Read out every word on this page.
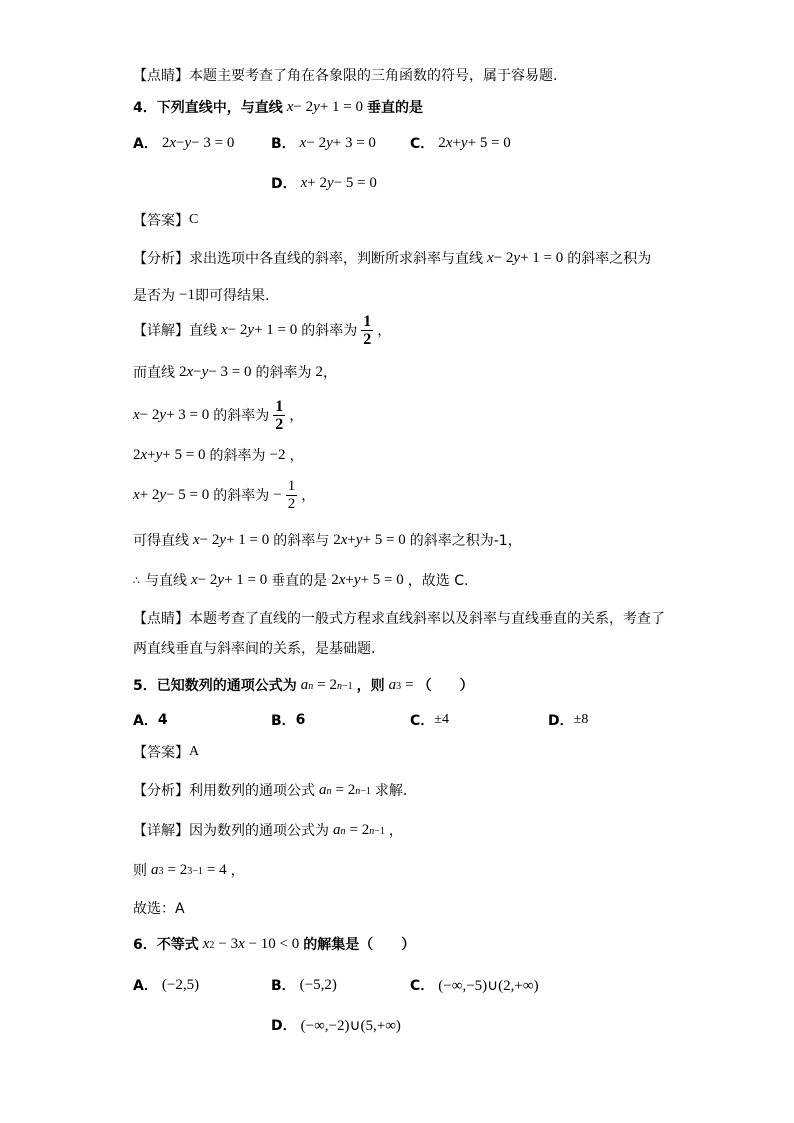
【点睛】 本题主要考查了角在各象限的三角函数的符号，属于容易题.
4． 下列直线中，与直线 x − 2 y + 1 = 0 垂直的是
A． 2 x − y − 3 = 0	B． x − 2 y + 3 = 0 C． 2 x + y + 5 = 0
D． x + 2 y − 5 = 0
【答案】 C
【分析】 求出选项中各直线的斜率，判断所求斜率与直线 x − 2 y + 1 = 0 的斜率之积为
是否为 −1 即可得结果.
【详解】 直线 x − 2 y + 1 = 0 的斜率为 $\frac{1}{2}$ ，
而直线 2 x − y − 3 = 0 的斜率为 2 ，
x − 2 y + 3 = 0 的斜率为 $\frac{1}{2}$ ，
2 x + y + 5 = 0 的斜率为 −2 ，
x + 2 y − 5 = 0 的斜率为 − $\frac{1}{2}$ ，
可得直线 x − 2 y + 1 = 0 的斜率与 2 x + y + 5 = 0 的斜率之积为-1，
∴ 与直线 x − 2 y + 1 = 0 垂直的是 2 x + y + 5 = 0 ，故选 C.
【点睛】 本题考查了直线的一般式方程求直线斜率以及斜率与直线垂直的关系，考查了
两直线垂直与斜率间的关系，是基础题.
5． 已知数列的通项公式为 a n = 2 n−1 ，则 a 3 = （　　）
A． 4	B． 6	C． ±4	D． ±8
【答案】 A
【分析】 利用数列的通项公式 a n = 2 n−1 求解.
【详解】 因为数列的通项公式为 a n = 2 n−1 ，
则 a 3 = 2 3−1 = 4 ，
故选：A
6． 不等式 x 2 − 3x − 10 < 0 的解集是（　　）
A． (−2,5)	B． (−5,2)	C． (−∞,−5)∪(2,+∞)
D． (−∞,−2)∪(5,+∞)
